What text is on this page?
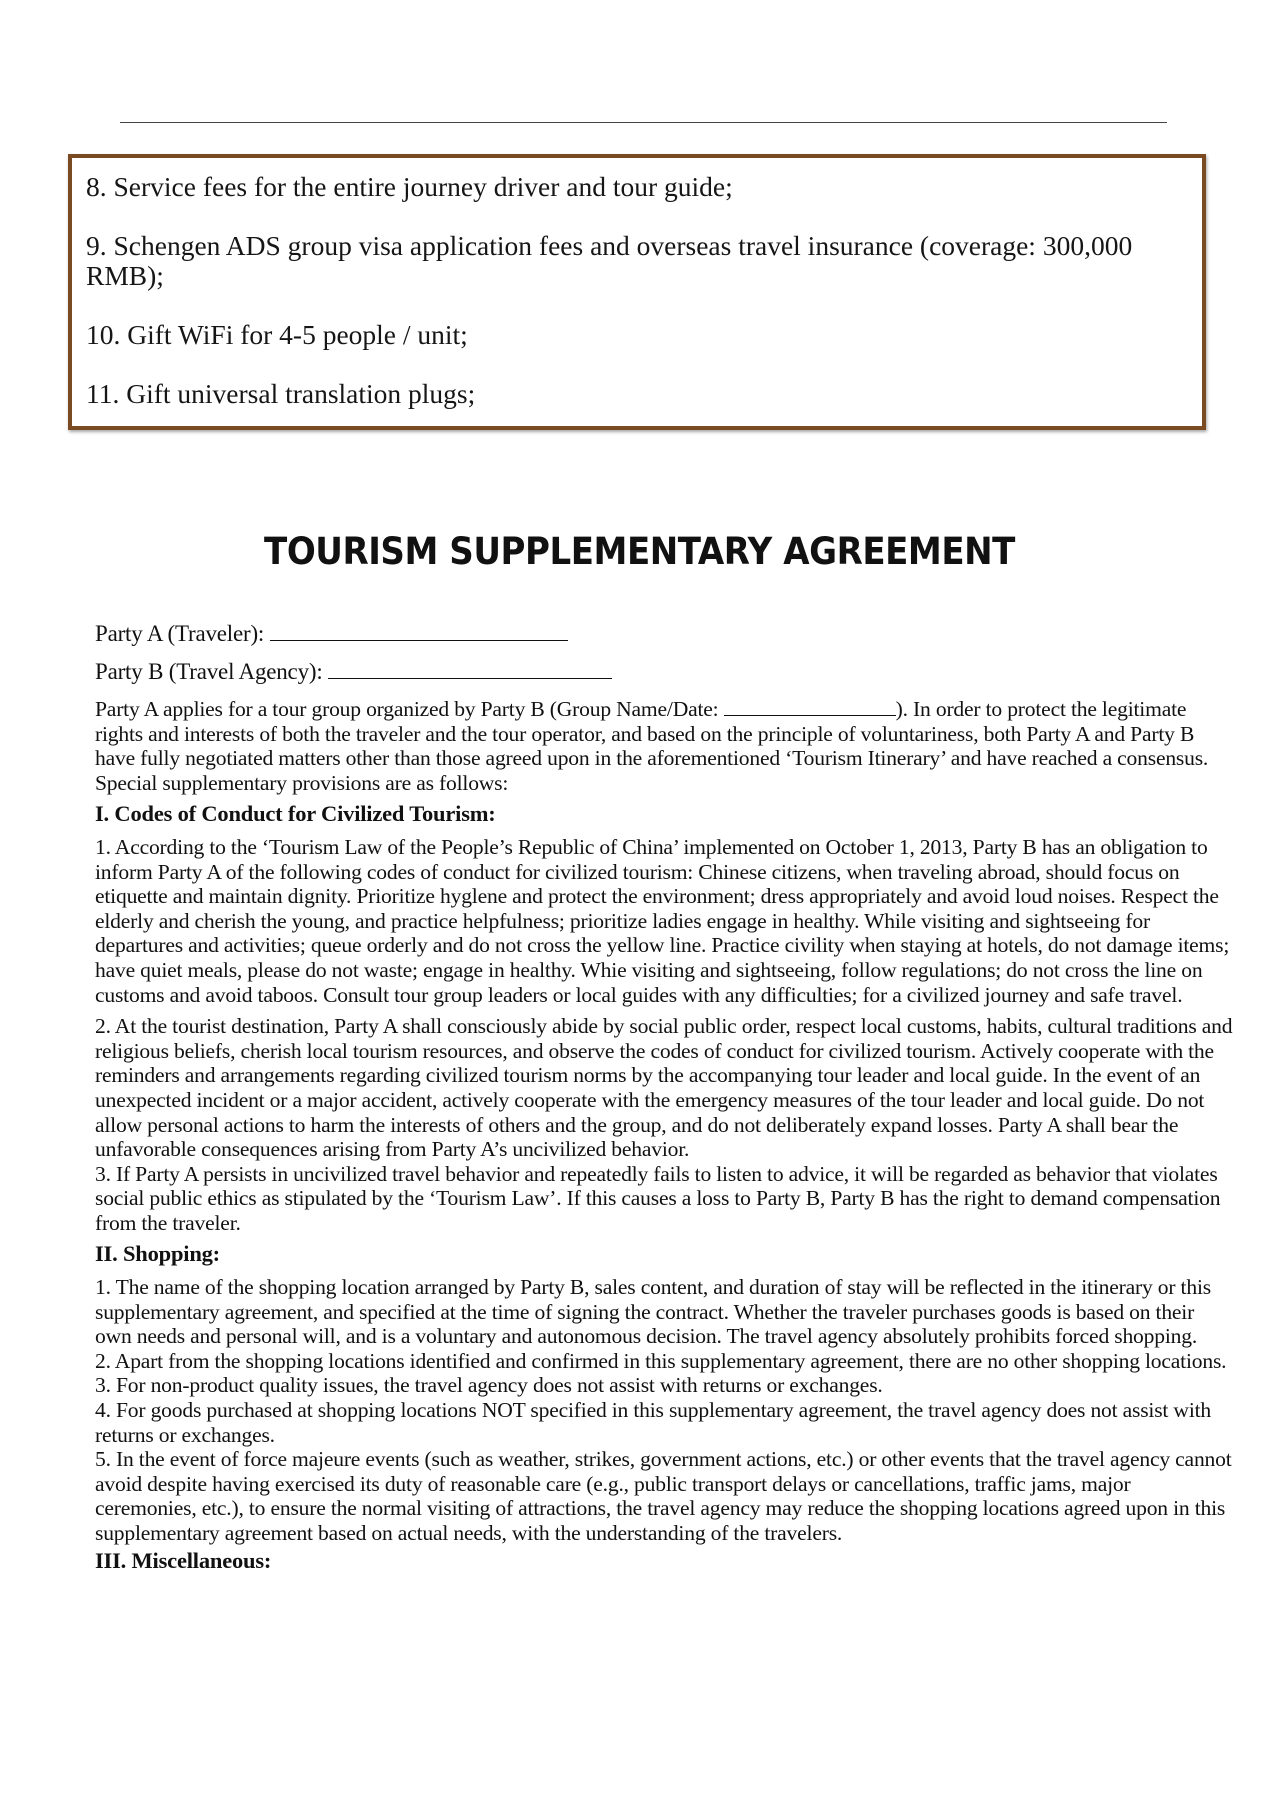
8. Service fees for the entire journey driver and tour guide;

9. Schengen ADS group visa application fees and overseas travel insurance (coverage: 300,000 RMB);

10. Gift WiFi for 4-5 people / unit;

11. Gift universal translation plugs;

TOURISM SUPPLEMENTARY AGREEMENT

Party A (Traveler):

Party B (Travel Agency):

Party A applies for a tour group organized by Party B (Group Name/Date:	). In order to protect the legitimate rights and interests of both the traveler and the tour operator, and based on the principle of voluntariness, both Party A and Party B have fully negotiated matters other than those agreed upon in the aforementioned ‘Tourism Itinerary’ and have reached a consensus. Special supplementary provisions are as follows:

I. Codes of Conduct for Civilized Tourism:

1. According to the ‘Tourism Law of the People’s Republic of China’ implemented on October 1, 2013, Party B has an obligation to inform Party A of the following codes of conduct for civilized tourism: Chinese citizens, when traveling abroad, should focus on etiquette and maintain dignity. Prioritize hyglene and protect the environment; dress appropriately and avoid loud noises. Respect the elderly and cherish the young, and practice helpfulness; prioritize ladies engage in healthy. While visiting and sightseeing for departures and activities; queue orderly and do not cross the yellow line. Practice civility when staying at hotels, do not damage items; have quiet meals, please do not waste; engage in healthy. Whie visiting and sightseeing, follow regulations; do not cross the line on customs and avoid taboos. Consult tour group leaders or local guides with any difficulties; for a civilized journey and safe travel.

2. At the tourist destination, Party A shall consciously abide by social public order, respect local customs, habits, cultural traditions and religious beliefs, cherish local tourism resources, and observe the codes of conduct for civilized tourism. Actively cooperate with the reminders and arrangements regarding civilized tourism norms by the accompanying tour leader and local guide. In the event of an unexpected incident or a major accident, actively cooperate with the emergency measures of the tour leader and local guide. Do not allow personal actions to harm the interests of others and the group, and do not deliberately expand losses. Party A shall bear the unfavorable consequences arising from Party A’s uncivilized behavior.

3. If Party A persists in uncivilized travel behavior and repeatedly fails to listen to advice, it will be regarded as behavior that violates social public ethics as stipulated by the ‘Tourism Law’. If this causes a loss to Party B, Party B has the right to demand compensation from the traveler.

II. Shopping:

1. The name of the shopping location arranged by Party B, sales content, and duration of stay will be reflected in the itinerary or this supplementary agreement, and specified at the time of signing the contract. Whether the traveler purchases goods is based on their own needs and personal will, and is a voluntary and autonomous decision. The travel agency absolutely prohibits forced shopping.

2. Apart from the shopping locations identified and confirmed in this supplementary agreement, there are no other shopping locations.

3. For non-product quality issues, the travel agency does not assist with returns or exchanges.

4. For goods purchased at shopping locations NOT specified in this supplementary agreement, the travel agency does not assist with returns or exchanges.

5. In the event of force majeure events (such as weather, strikes, government actions, etc.) or other events that the travel agency cannot avoid despite having exercised its duty of reasonable care (e.g., public transport delays or cancellations, traffic jams, major ceremonies, etc.), to ensure the normal visiting of attractions, the travel agency may reduce the shopping locations agreed upon in this supplementary agreement based on actual needs, with the understanding of the travelers.

III. Miscellaneous:
